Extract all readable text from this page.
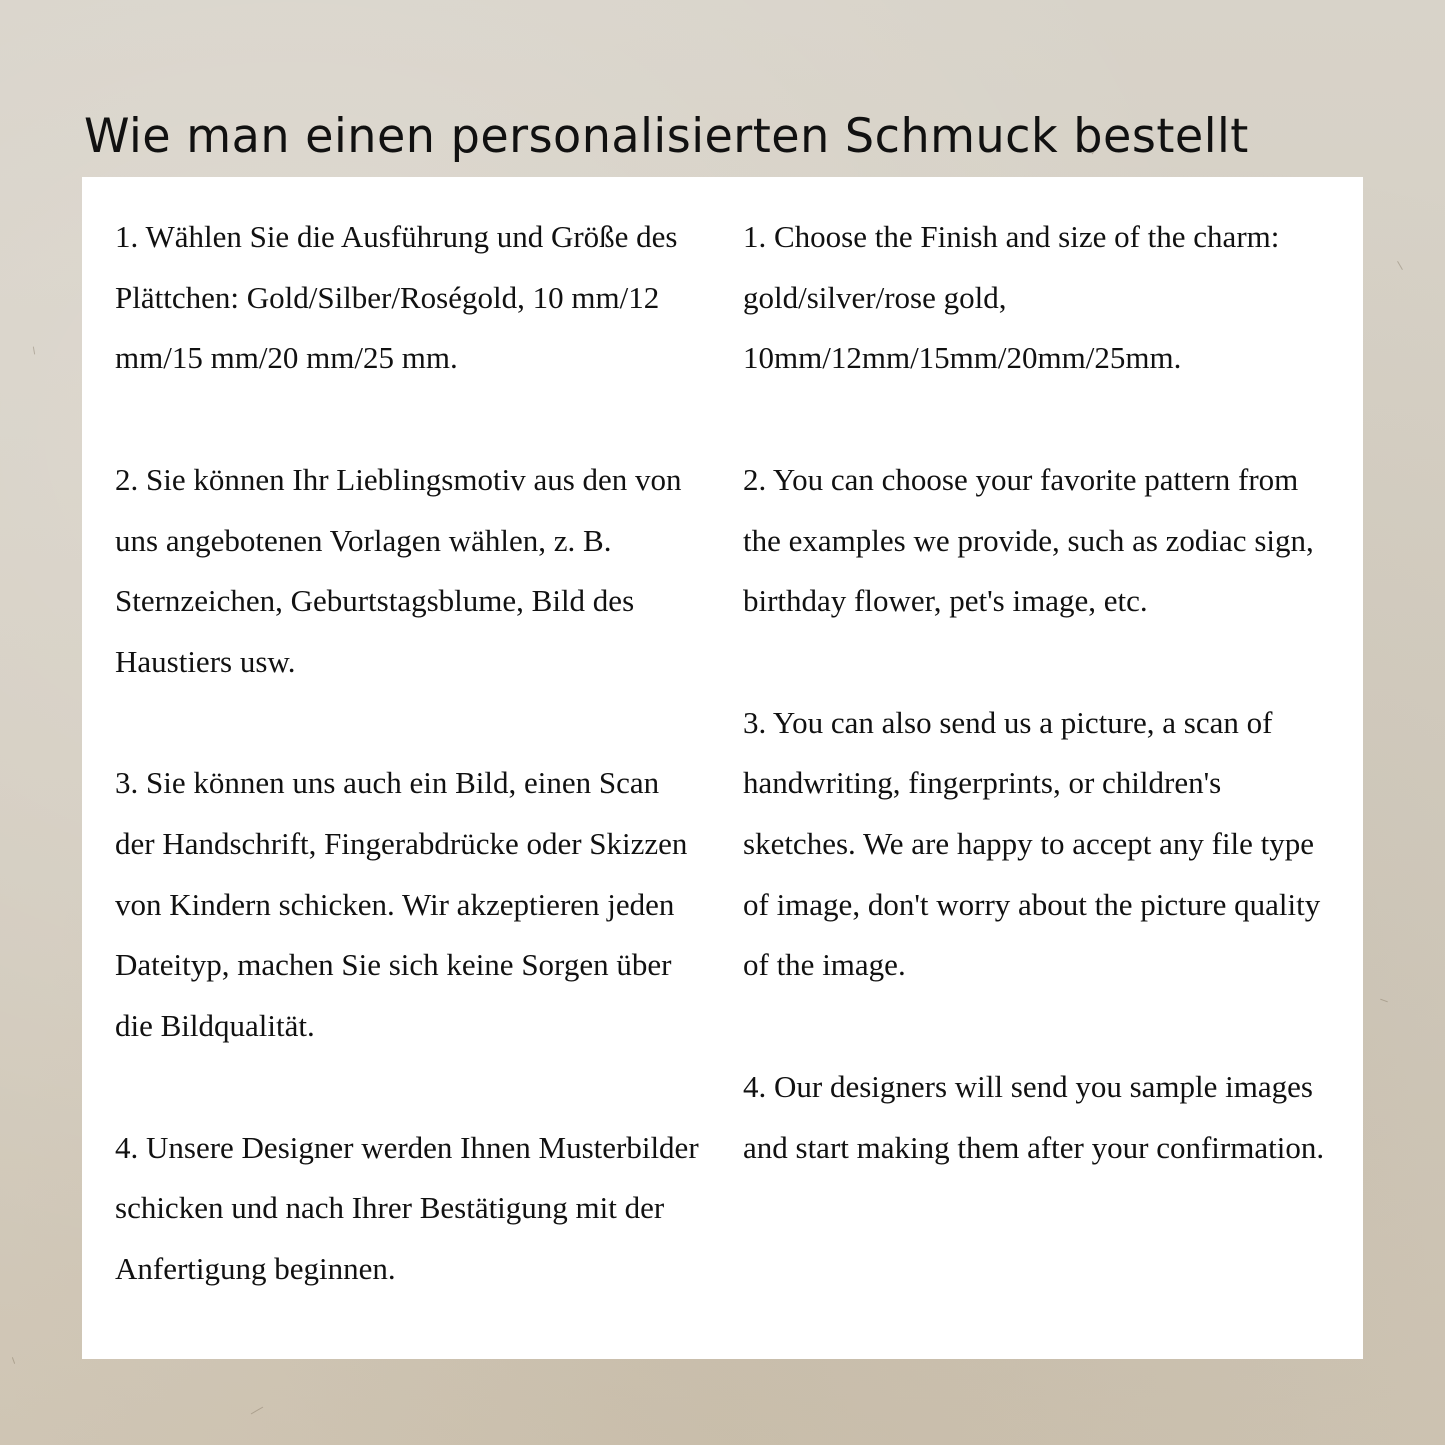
Wie man einen personalisierten Schmuck bestellt

1. Wählen Sie die Ausführung und Größe des Plättchen: Gold/Silber/Roségold, 10 mm/12 mm/15 mm/20 mm/25 mm.

2. Sie können Ihr Lieblingsmotiv aus den von uns angebotenen Vorlagen wählen, z. B. Sternzeichen, Geburtstagsblume, Bild des Haustiers usw.

3. Sie können uns auch ein Bild, einen Scan der Handschrift, Fingerabdrücke oder Skizzen von Kindern schicken. Wir akzeptieren jeden Dateityp, machen Sie sich keine Sorgen über die Bildqualität.

4. Unsere Designer werden Ihnen Musterbilder schicken und nach Ihrer Bestätigung mit der Anfertigung beginnen.

1. Choose the Finish and size of the charm: gold/silver/rose gold, 10mm/12mm/15mm/20mm/25mm.

2. You can choose your favorite pattern from the examples we provide, such as zodiac sign, birthday flower, pet's image, etc.

3. You can also send us a picture, a scan of handwriting, fingerprints, or children's sketches. We are happy to accept any file type of image, don't worry about the picture quality of the image.

4. Our designers will send you sample images and start making them after your confirmation.
